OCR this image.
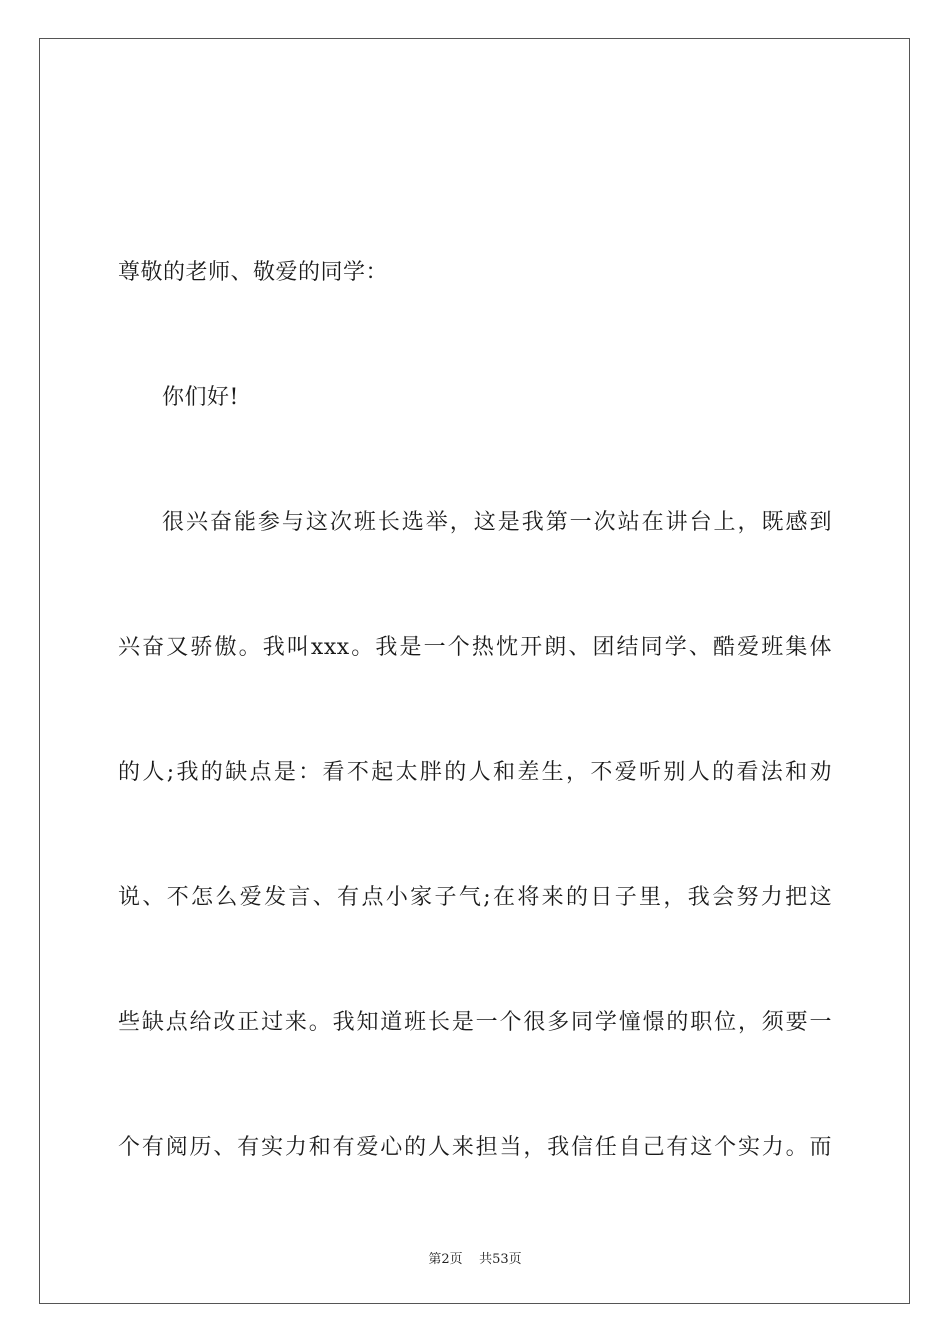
尊敬的老师、敬爱的同学：

你们好!

很兴奋能参与这次班长选举，这是我第一次站在讲台上，既感到

兴奋又骄傲。我叫xxx。我是一个热忱开朗、团结同学、酷爱班集体

的人;我的缺点是：看不起太胖的人和差生，不爱听别人的看法和劝

说、不怎么爱发言、有点小家子气;在将来的日子里，我会努力把这

些缺点给改正过来。我知道班长是一个很多同学憧憬的职位，须要一

个有阅历、有实力和有爱心的人来担当，我信任自己有这个实力。而

第2页    共53页
